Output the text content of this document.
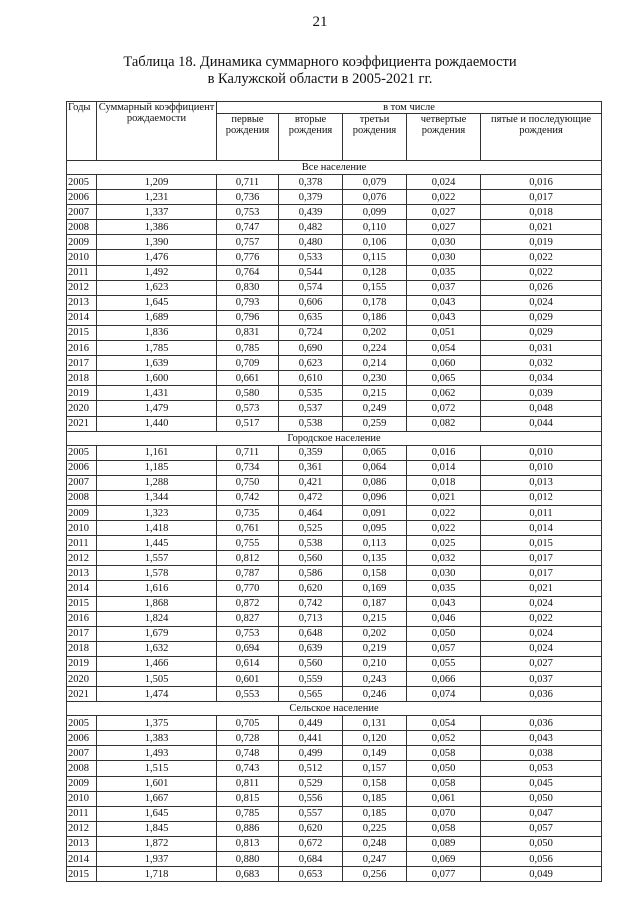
21
Таблица 18. Динамика суммарного коэффициента рождаемости
в Калужской области в 2005-2021 гг.
Годы	Суммарный коэффициент рождаемости	в том числе				
		первые рождения	вторые рождения	третьи рождения	четвертые рождения	пятые и последующие рождения
Все население						
2005	1,209	0,711	0,378	0,079	0,024	0,016
2006	1,231	0,736	0,379	0,076	0,022	0,017
2007	1,337	0,753	0,439	0,099	0,027	0,018
2008	1,386	0,747	0,482	0,110	0,027	0,021
2009	1,390	0,757	0,480	0,106	0,030	0,019
2010	1,476	0,776	0,533	0,115	0,030	0,022
2011	1,492	0,764	0,544	0,128	0,035	0,022
2012	1,623	0,830	0,574	0,155	0,037	0,026
2013	1,645	0,793	0,606	0,178	0,043	0,024
2014	1,689	0,796	0,635	0,186	0,043	0,029
2015	1,836	0,831	0,724	0,202	0,051	0,029
2016	1,785	0,785	0,690	0,224	0,054	0,031
2017	1,639	0,709	0,623	0,214	0,060	0,032
2018	1,600	0,661	0,610	0,230	0,065	0,034
2019	1,431	0,580	0,535	0,215	0,062	0,039
2020	1,479	0,573	0,537	0,249	0,072	0,048
2021	1,440	0,517	0,538	0,259	0,082	0,044
Городское население						
2005	1,161	0,711	0,359	0,065	0,016	0,010
2006	1,185	0,734	0,361	0,064	0,014	0,010
2007	1,288	0,750	0,421	0,086	0,018	0,013
2008	1,344	0,742	0,472	0,096	0,021	0,012
2009	1,323	0,735	0,464	0,091	0,022	0,011
2010	1,418	0,761	0,525	0,095	0,022	0,014
2011	1,445	0,755	0,538	0,113	0,025	0,015
2012	1,557	0,812	0,560	0,135	0,032	0,017
2013	1,578	0,787	0,586	0,158	0,030	0,017
2014	1,616	0,770	0,620	0,169	0,035	0,021
2015	1,868	0,872	0,742	0,187	0,043	0,024
2016	1,824	0,827	0,713	0,215	0,046	0,022
2017	1,679	0,753	0,648	0,202	0,050	0,024
2018	1,632	0,694	0,639	0,219	0,057	0,024
2019	1,466	0,614	0,560	0,210	0,055	0,027
2020	1,505	0,601	0,559	0,243	0,066	0,037
2021	1,474	0,553	0,565	0,246	0,074	0,036
Сельское население						
2005	1,375	0,705	0,449	0,131	0,054	0,036
2006	1,383	0,728	0,441	0,120	0,052	0,043
2007	1,493	0,748	0,499	0,149	0,058	0,038
2008	1,515	0,743	0,512	0,157	0,050	0,053
2009	1,601	0,811	0,529	0,158	0,058	0,045
2010	1,667	0,815	0,556	0,185	0,061	0,050
2011	1,645	0,785	0,557	0,185	0,070	0,047
2012	1,845	0,886	0,620	0,225	0,058	0,057
2013	1,872	0,813	0,672	0,248	0,089	0,050
2014	1,937	0,880	0,684	0,247	0,069	0,056
2015	1,718	0,683	0,653	0,256	0,077	0,049
